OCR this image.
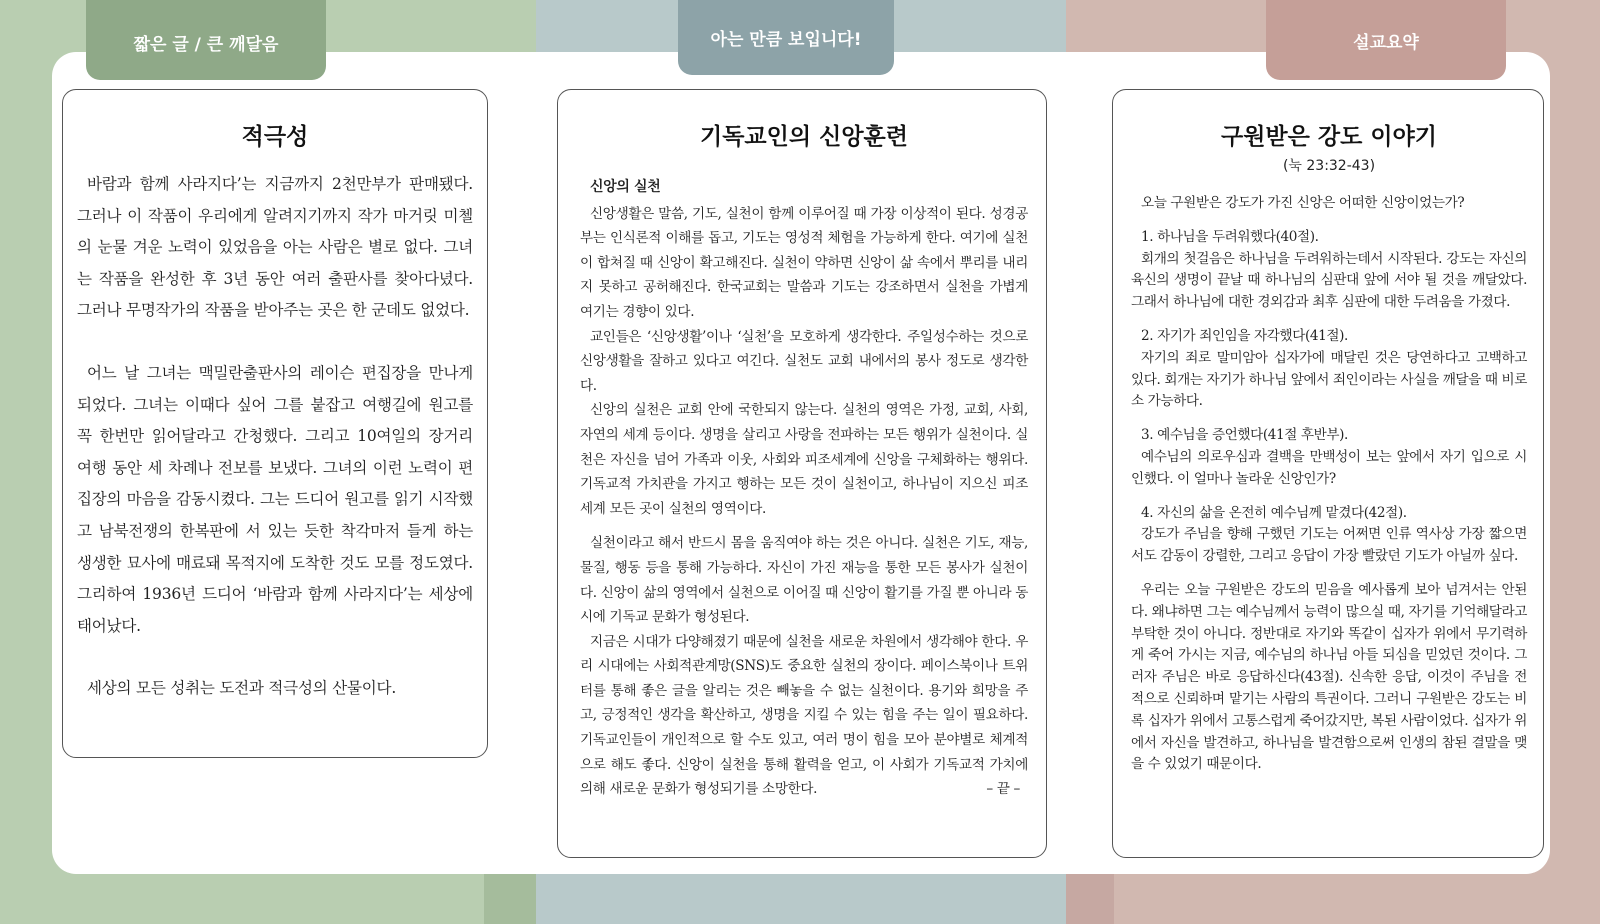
짧은 글 / 큰 깨달음	아는 만큼 보입니다!	설교요약
적극성

바람과 함께 사라지다’는 지금까지 2천만부가 판매됐다. 그러나 이 작품이 우리에게 알려지기까지 작가 마거릿 미첼의 눈물 겨운 노력이 있었음을 아는 사람은 별로 없다. 그녀는 작품을 완성한 후 3년 동안 여러 출판사를 찾아다녔다. 그러나 무명작가의 작품을 받아주는 곳은 한 군데도 없었다.

어느 날 그녀는 맥밀란출판사의 레이슨 편집장을 만나게 되었다. 그녀는 이때다 싶어 그를 붙잡고 여행길에 원고를 꼭 한번만 읽어달라고 간청했다. 그리고 10여일의 장거리 여행 동안 세 차례나 전보를 보냈다. 그녀의 이런 노력이 편집장의 마음을 감동시켰다. 그는 드디어 원고를 읽기 시작했고 남북전쟁의 한복판에 서 있는 듯한 착각마저 들게 하는 생생한 묘사에 매료돼 목적지에 도착한 것도 모를 정도였다. 그리하여 1936년 드디어 ‘바람과 함께 사라지다’는 세상에 태어났다.

세상의 모든 성취는 도전과 적극성의 산물이다.

기독교인의 신앙훈련
신앙의 실천

신앙생활은 말씀, 기도, 실천이 함께 이루어질 때 가장 이상적이 된다. 성경공부는 인식론적 이해를 돕고, 기도는 영성적 체험을 가능하게 한다. 여기에 실천이 합쳐질 때 신앙이 확고해진다. 실천이 약하면 신앙이 삶 속에서 뿌리를 내리지 못하고 공허해진다. 한국교회는 말씀과 기도는 강조하면서 실천을 가볍게 여기는 경향이 있다.

교인들은 ‘신앙생활’이나 ‘실천’을 모호하게 생각한다. 주일성수하는 것으로 신앙생활을 잘하고 있다고 여긴다. 실천도 교회 내에서의 봉사 정도로 생각한다.

신앙의 실천은 교회 안에 국한되지 않는다. 실천의 영역은 가정, 교회, 사회, 자연의 세계 등이다. 생명을 살리고 사랑을 전파하는 모든 행위가 실천이다. 실천은 자신을 넘어 가족과 이웃, 사회와 피조세계에 신앙을 구체화하는 행위다. 기독교적 가치관을 가지고 행하는 모든 것이 실천이고, 하나님이 지으신 피조세계 모든 곳이 실천의 영역이다.

실천이라고 해서 반드시 몸을 움직여야 하는 것은 아니다. 실천은 기도, 재능, 물질, 행동 등을 통해 가능하다. 자신이 가진 재능을 통한 모든 봉사가 실천이다. 신앙이 삶의 영역에서 실천으로 이어질 때 신앙이 활기를 가질 뿐 아니라 동시에 기독교 문화가 형성된다.

지금은 시대가 다양해졌기 때문에 실천을 새로운 차원에서 생각해야 한다. 우리 시대에는 사회적관계망(SNS)도 중요한 실천의 장이다. 페이스북이나 트위터를 통해 좋은 글을 알리는 것은 빼놓을 수 없는 실천이다. 용기와 희망을 주고, 긍정적인 생각을 확산하고, 생명을 지킬 수 있는 힘을 주는 일이 필요하다. 기독교인들이 개인적으로 할 수도 있고, 여러 명이 힘을 모아 분야별로 체계적으로 해도 좋다. 신앙이 실천을 통해 활력을 얻고, 이 사회가 기독교적 가치에 의해 새로운 문화가 형성되기를 소망한다.	– 끝 –

구원받은 강도 이야기
(눅 23:32-43)

오늘 구원받은 강도가 가진 신앙은 어떠한 신앙이었는가?

1. 하나님을 두려워했다(40절).

회개의 첫걸음은 하나님을 두려워하는데서 시작된다. 강도는 자신의 육신의 생명이 끝날 때 하나님의 심판대 앞에 서야 될 것을 깨달았다. 그래서 하나님에 대한 경외감과 최후 심판에 대한 두려움을 가졌다.

2. 자기가 죄인임을 자각했다(41절).

자기의 죄로 말미암아 십자가에 매달린 것은 당연하다고 고백하고 있다. 회개는 자기가 하나님 앞에서 죄인이라는 사실을 깨달을 때 비로소 가능하다.

3. 예수님을 증언했다(41절 후반부).

예수님의 의로우심과 결백을 만백성이 보는 앞에서 자기 입으로 시인했다. 이 얼마나 놀라운 신앙인가?

4. 자신의 삶을 온전히 예수님께 맡겼다(42절).

강도가 주님을 향해 구했던 기도는 어쩌면 인류 역사상 가장 짧으면서도 감동이 강렬한, 그리고 응답이 가장 빨랐던 기도가 아닐까 싶다.

우리는 오늘 구원받은 강도의 믿음을 예사롭게 보아 넘겨서는 안된다. 왜냐하면 그는 예수님께서 능력이 많으실 때, 자기를 기억해달라고 부탁한 것이 아니다. 정반대로 자기와 똑같이 십자가 위에서 무기력하게 죽어 가시는 지금, 예수님의 하나님 아들 되심을 믿었던 것이다. 그러자 주님은 바로 응답하신다(43절). 신속한 응답, 이것이 주님을 전적으로 신뢰하며 맡기는 사람의 특권이다. 그러니 구원받은 강도는 비록 십자가 위에서 고통스럽게 죽어갔지만, 복된 사람이었다. 십자가 위에서 자신을 발견하고, 하나님을 발견함으로써 인생의 참된 결말을 맺을 수 있었기 때문이다.
